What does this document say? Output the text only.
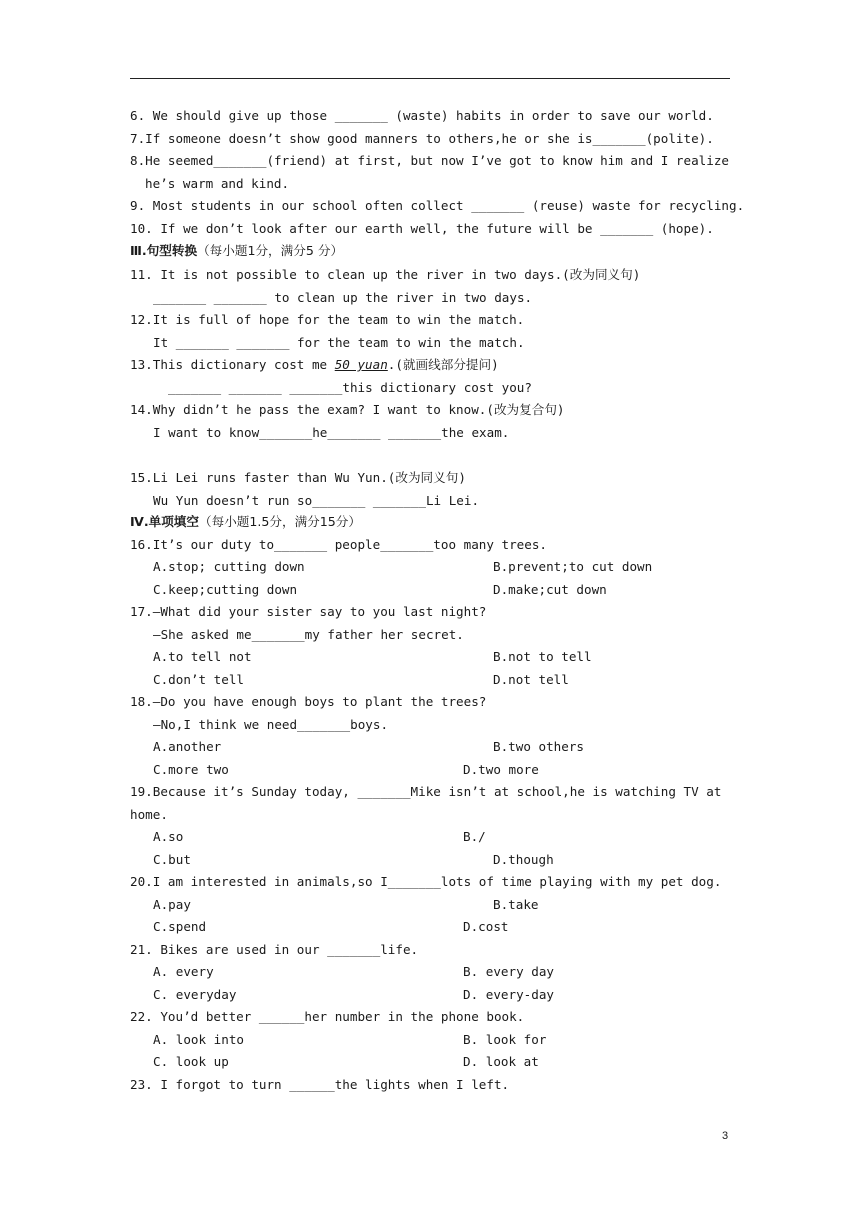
6. We should give up those _______ (waste) habits in order to save our world.
7.If someone doesn’t show good manners to others,he or she is_______(polite).
8.He seemed_______(friend) at first, but now I’ve got to know him and I realize
he’s warm and kind.
9. Most students in our school often collect _______ (reuse) waste for recycling.
10. If we don’t look after our earth well, the future will be _______ (hope).
Ⅲ.句型转换（每小题1分，满分5 分）
11. It is not possible to clean up the river in two days.(改为同义句)
_______ _______ to clean up the river in two days.
12.It is full of hope for the team to win the match.
It _______ _______ for the team to win the match.
13.This dictionary cost me 50 yuan.(就画线部分提问)
_______ _______ _______this dictionary cost you?
14.Why didn’t he pass the exam? I want to know.(改为复合句)
I want to know_______he_______ _______the exam.
15.Li Lei runs faster than Wu Yun.(改为同义句)
Wu Yun doesn’t run so_______ _______Li Lei.
Ⅳ.单项填空（每小题1.5分，满分15分）
16.It’s our duty to_______ people_______too many trees.
A.stop; cutting down	B.prevent;to cut down
C.keep;cutting down	D.make;cut down
17.—What did your sister say to you last night?
—She asked me_______my father her secret.
A.to tell not	B.not to tell
C.don’t tell	D.not tell
18.—Do you have enough boys to plant the trees?
—No,I think we need_______boys.
A.another	B.two others
C.more two	D.two more
19.Because it’s Sunday today, _______Mike isn’t at school,he is watching TV at
home.
A.so	B./
C.but	D.though
20.I am interested in animals,so I_______lots of time playing with my pet dog.
A.pay	B.take
C.spend	D.cost
21. Bikes are used in our _______life.
A. every	B. every day
C. everyday	D. every-day
22. You’d better ______her number in the phone book.
A. look into	B. look for
C. look up	D. look at
23. I forgot to turn ______the lights when I left.
3
